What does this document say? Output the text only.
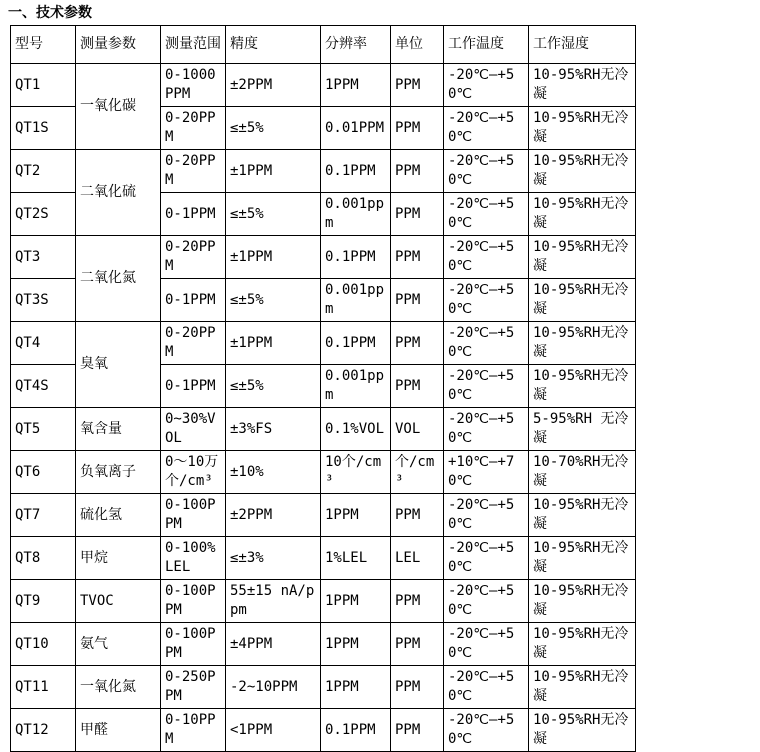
一、技术参数
型号	测量参数	测量范围	精度	分辨率	单位	工作温度	工作湿度
QT1	一氧化碳	0-1000 PPM	±2PPM	1PPM	PPM	-20℃—+50℃	10-95%RH无冷凝
QT1S		0-20PPM	≤±5%	0.01PPM	PPM	-20℃—+50℃	10-95%RH无冷凝
QT2	二氧化硫	0-20PPM	±1PPM	0.1PPM	PPM	-20℃—+50℃	10-95%RH无冷凝
QT2S		0-1PPM	≤±5%	0.001ppm	PPM	-20℃—+50℃	10-95%RH无冷凝
QT3	二氧化氮	0-20PPM	±1PPM	0.1PPM	PPM	-20℃—+50℃	10-95%RH无冷凝
QT3S		0-1PPM	≤±5%	0.001ppm	PPM	-20℃—+50℃	10-95%RH无冷凝
QT4	臭氧	0-20PPM	±1PPM	0.1PPM	PPM	-20℃—+50℃	10-95%RH无冷凝
QT4S		0-1PPM	≤±5%	0.001ppm	PPM	-20℃—+50℃	10-95%RH无冷凝
QT5	氧含量	0~30%VOL	±3%FS	0.1%VOL	VOL	-20℃—+50℃	5-95%RH 无冷凝
QT6	负氧离子	0～10万 个/cm³	±10%	10个/cm³	个/cm³	+10℃—+70℃	10-70%RH无冷凝
QT7	硫化氢	0-100PPM	±2PPM	1PPM	PPM	-20℃—+50℃	10-95%RH无冷凝
QT8	甲烷	0-100%LEL	≤±3%	1%LEL	LEL	-20℃—+50℃	10-95%RH无冷凝
QT9	TVOC	0-100PPM	55±15 nA/ppm	1PPM	PPM	-20℃—+50℃	10-95%RH无冷凝
QT10	氨气	0-100PPM	±4PPM	1PPM	PPM	-20℃—+50℃	10-95%RH无冷凝
QT11	一氧化氮	0-250PPM	-2~10PPM	1PPM	PPM	-20℃—+50℃	10-95%RH无冷凝
QT12	甲醛	0-10PPM	<1PPM	0.1PPM	PPM	-20℃—+50℃	10-95%RH无冷凝
